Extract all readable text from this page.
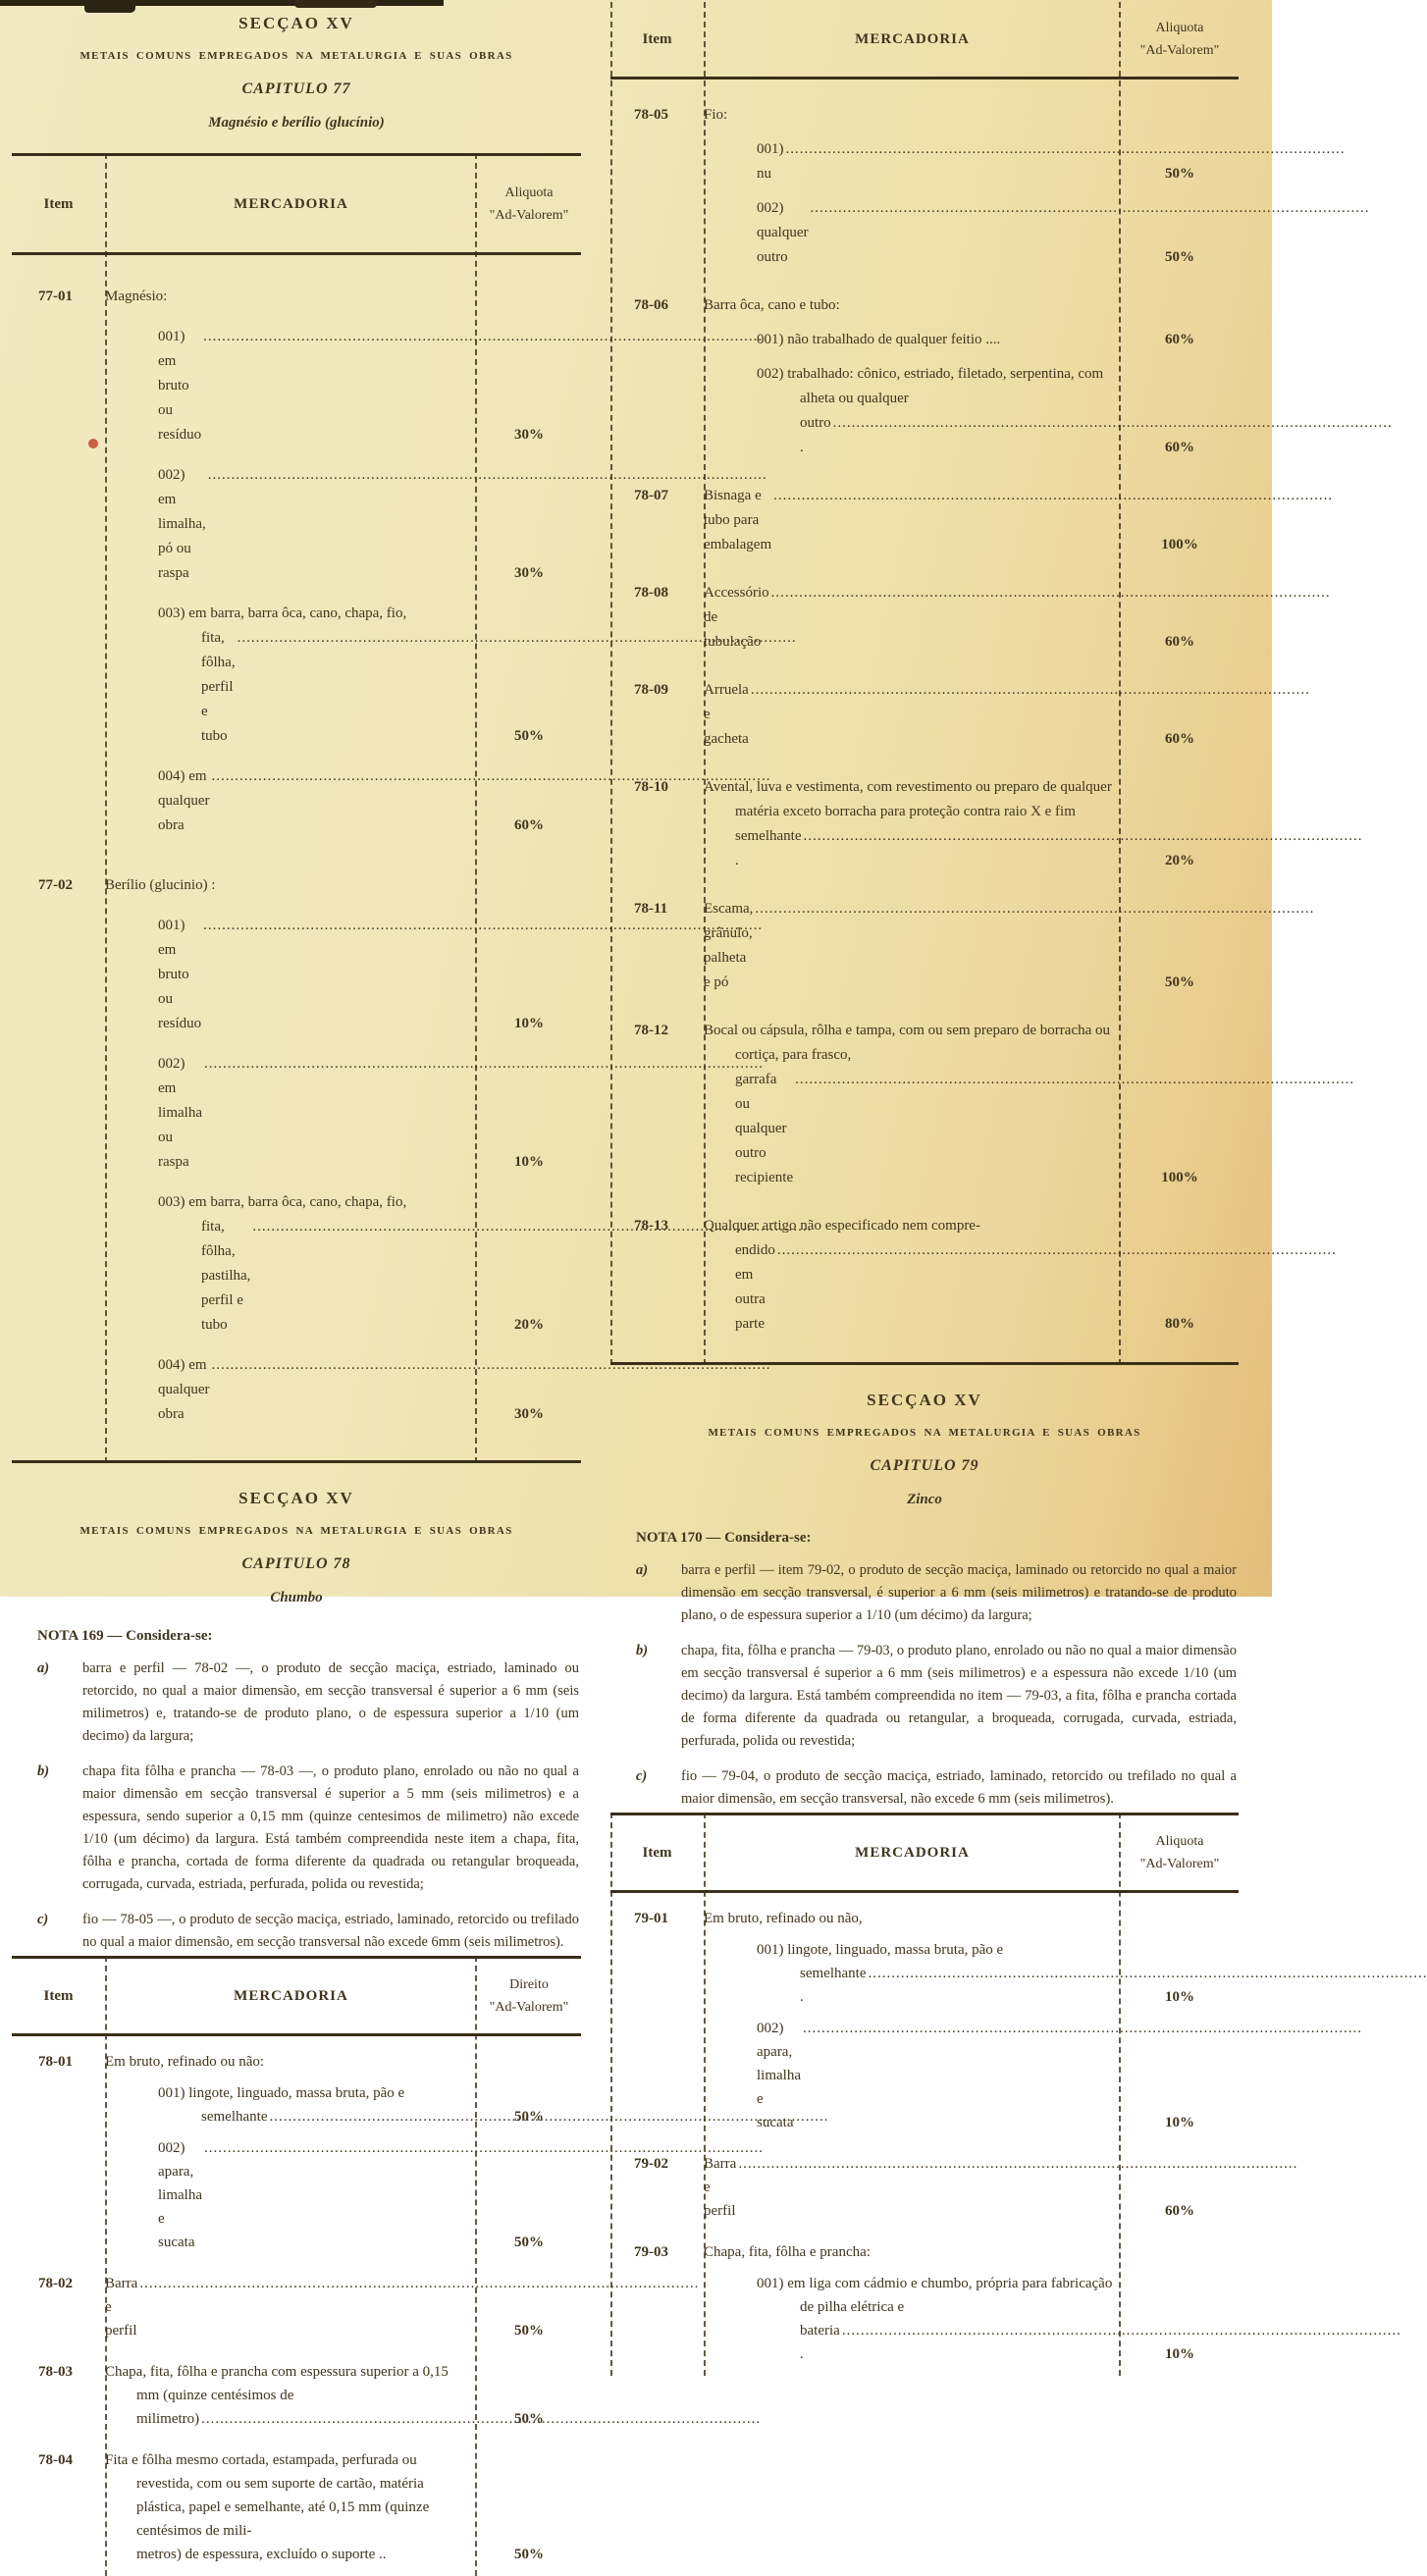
SECÇAO XV
METAIS COMUNS EMPREGADOS NA METALURGIA E SUAS OBRAS
CAPITULO 77
Magnésio e berílio (glucínio)
Item	MERCADORIA
Aliquota
"Ad-Valorem"
77-01	Magnésio:
001) em bruto ou resíduo
.....	30%
002) em limalha, pó ou raspa
.....	30%
003) em barra, barra ôca, cano, chapa, fio,
fita, fôlha, perfil e tubo
.....	50%
004) em qualquer obra
.....	60%
77-02	Berílio (glucinio) :
001) em bruto ou resíduo
.....	10%
002) em limalha ou raspa
.....	10%
003) em barra, barra ôca, cano, chapa, fio,
fita, fôlha, pastilha, perfil e tubo
.....	20%
004) em qualquer obra
.....	30%
SECÇAO XV
METAIS COMUNS EMPREGADOS NA METALURGIA E SUAS OBRAS
CAPITULO 78
Chumbo
NOTA 169 — Considera-se:
a)	barra e perfil — 78-02 —, o produto de secção maciça, estriado, laminado ou retorcido, no qual a maior dimensão, em secção transversal é superior a 6 mm (seis milimetros) e, tratando-se de produto plano, o de espessura superior a 1/10 (um decimo) da largura;
b)	chapa fita fôlha e prancha — 78-03 —, o produto plano, enrolado ou não no qual a maior dimensão em secção transversal é superior a 5 mm (seis milimetros) e a espessura, sendo superior a 0,15 mm (quinze centesimos de milimetro) não excede 1/10 (um décimo) da largura. Está também compreendida neste item a chapa, fita, fôlha e prancha, cortada de forma diferente da quadrada ou retangular broqueada, corrugada, curvada, estriada, perfurada, polida ou revestida;
c)	fio — 78-05 —, o produto de secção maciça, estriado, laminado, retorcido ou trefilado no qual a maior dimensão, em secção transversal não excede 6mm (seis milimetros).
Item	MERCADORIA
Direito
"Ad-Valorem"
78-01	Em bruto, refinado ou não:
001) lingote, linguado, massa bruta, pão e
semelhante .....	50%
002) apara, limalha e sucata
.....	50%
78-02	Barra e perfil
.....	50%
78-03	Chapa, fita, fôlha e prancha com espessura superior a 0,15 mm (quinze centésimos de
milimetro) .....	50%
78-04	Fita e fôlha mesmo cortada, estampada, perfurada ou revestida, com ou sem suporte de cartão, matéria plástica, papel e semelhante, até 0,15 mm (quinze centésimos de mili-
metros) de espessura, excluído o suporte ..	50%
Item	MERCADORIA
Aliquota
"Ad-Valorem"
78-05	Fio:
001) nu
.....	50%
002) qualquer outro
.....	50%
78-06	Barra ôca, cano e tubo:
001) não trabalhado de qualquer feitio ....	60%
002) trabalhado: cônico, estriado, filetado, serpentina, com alheta ou qualquer
outro .
.....	60%
78-07	Bisnaga e tubo para embalagem
.....	100%
78-08	Accessório de tubulação
.....	60%
78-09	Arruela e gacheta
.....	60%
78-10	Avental, luva e vestimenta, com revestimento ou preparo de qualquer matéria exceto borracha para proteção contra raio X e fim
semelhante .
.....	20%
78-11	Escama, grânulo, palheta e pó
.....	50%
78-12	Bocal ou cápsula, rôlha e tampa, com ou sem preparo de borracha ou cortiça, para frasco,
garrafa ou qualquer outro recipiente
.....	100%
78-13	Qualquer artigo não especificado nem compre-
endido em outra parte
.....	80%
SECÇAO XV
METAIS COMUNS EMPREGADOS NA METALURGIA E SUAS OBRAS
CAPITULO 79
Zinco
NOTA 170 — Considera-se:
a)	barra e perfil — item 79-02, o produto de secção maciça, laminado ou retorcido no qual a maior dimensão em secção transversal, é superior a 6 mm (seis milimetros) e tratando-se de produto plano, o de espessura superior a 1/10 (um décimo) da largura;
b)	chapa, fita, fôlha e prancha — 79-03, o produto plano, enrolado ou não no qual a maior dimensão em secção transversal é superior a 6 mm (seis milimetros) e a espessura não excede 1/10 (um decimo) da largura. Está também compreendida no item — 79-03, a fita, fôlha e prancha cortada de forma diferente da quadrada ou retangular, a broqueada, corrugada, curvada, estriada, perfurada, polida ou revestida;
c)	fio — 79-04, o produto de secção maciça, estriado, laminado, retorcido ou trefilado no qual a maior dimensão, em secção transversal, não excede 6 mm (seis milimetros).
Item	MERCADORIA
Aliquota
"Ad-Valorem"
79-01	Em bruto, refinado ou não,
001) lingote, linguado, massa bruta, pão e
semelhante .
.....	10%
002) apara, limalha e sucata
.....	10%
79-02	Barra e perfil
.....	60%
79-03	Chapa, fita, fôlha e prancha:
001) em liga com cádmio e chumbo, própria para fabricação de pilha elétrica e
bateria .
.....	10%
